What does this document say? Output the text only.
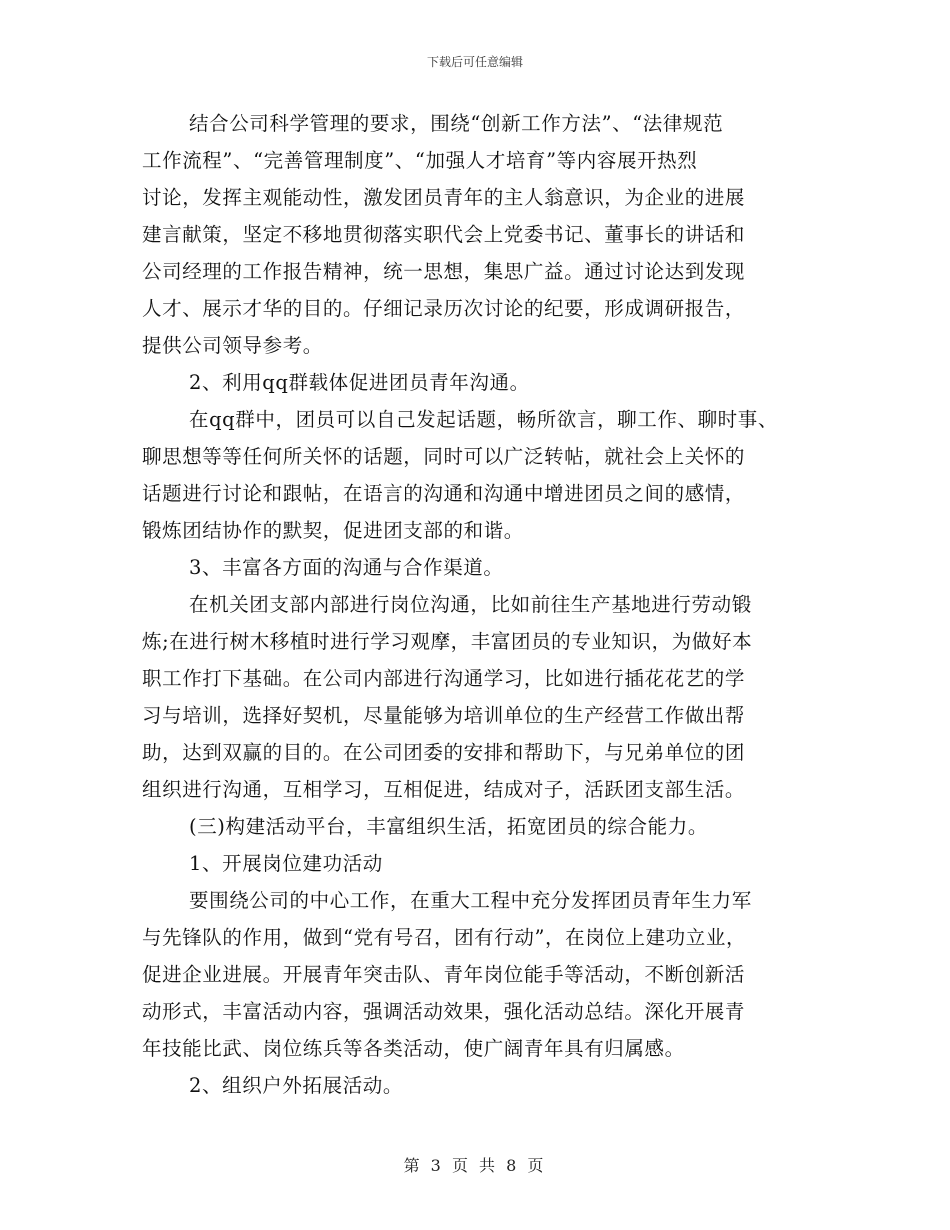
下载后可任意编辑
结合公司科学管理的要求，围绕“创新工作方法”、“法律规范
工作流程”、“完善管理制度”、“加强人才培育”等内容展开热烈
讨论，发挥主观能动性，激发团员青年的主人翁意识，为企业的进展
建言献策，坚定不移地贯彻落实职代会上党委书记、董事长的讲话和
公司经理的工作报告精神，统一思想，集思广益。通过讨论达到发现
人才、展示才华的目的。仔细记录历次讨论的纪要，形成调研报告，
提供公司领导参考。
2、利用qq群载体促进团员青年沟通。
在qq群中，团员可以自己发起话题，畅所欲言，聊工作、聊时事、
聊思想等等任何所关怀的话题，同时可以广泛转帖，就社会上关怀的
话题进行讨论和跟帖，在语言的沟通和沟通中增进团员之间的感情，
锻炼团结协作的默契，促进团支部的和谐。
3、丰富各方面的沟通与合作渠道。
在机关团支部内部进行岗位沟通，比如前往生产基地进行劳动锻
炼;在进行树木移植时进行学习观摩，丰富团员的专业知识，为做好本
职工作打下基础。在公司内部进行沟通学习，比如进行插花花艺的学
习与培训，选择好契机，尽量能够为培训单位的生产经营工作做出帮
助，达到双赢的目的。在公司团委的安排和帮助下，与兄弟单位的团
组织进行沟通，互相学习，互相促进，结成对子，活跃团支部生活。
(三)构建活动平台，丰富组织生活，拓宽团员的综合能力。
1、开展岗位建功活动
要围绕公司的中心工作，在重大工程中充分发挥团员青年生力军
与先锋队的作用，做到“党有号召，团有行动”，在岗位上建功立业，
促进企业进展。开展青年突击队、青年岗位能手等活动，不断创新活
动形式，丰富活动内容，强调活动效果，强化活动总结。深化开展青
年技能比武、岗位练兵等各类活动，使广阔青年具有归属感。
2、组织户外拓展活动。
第 3 页 共 8 页
